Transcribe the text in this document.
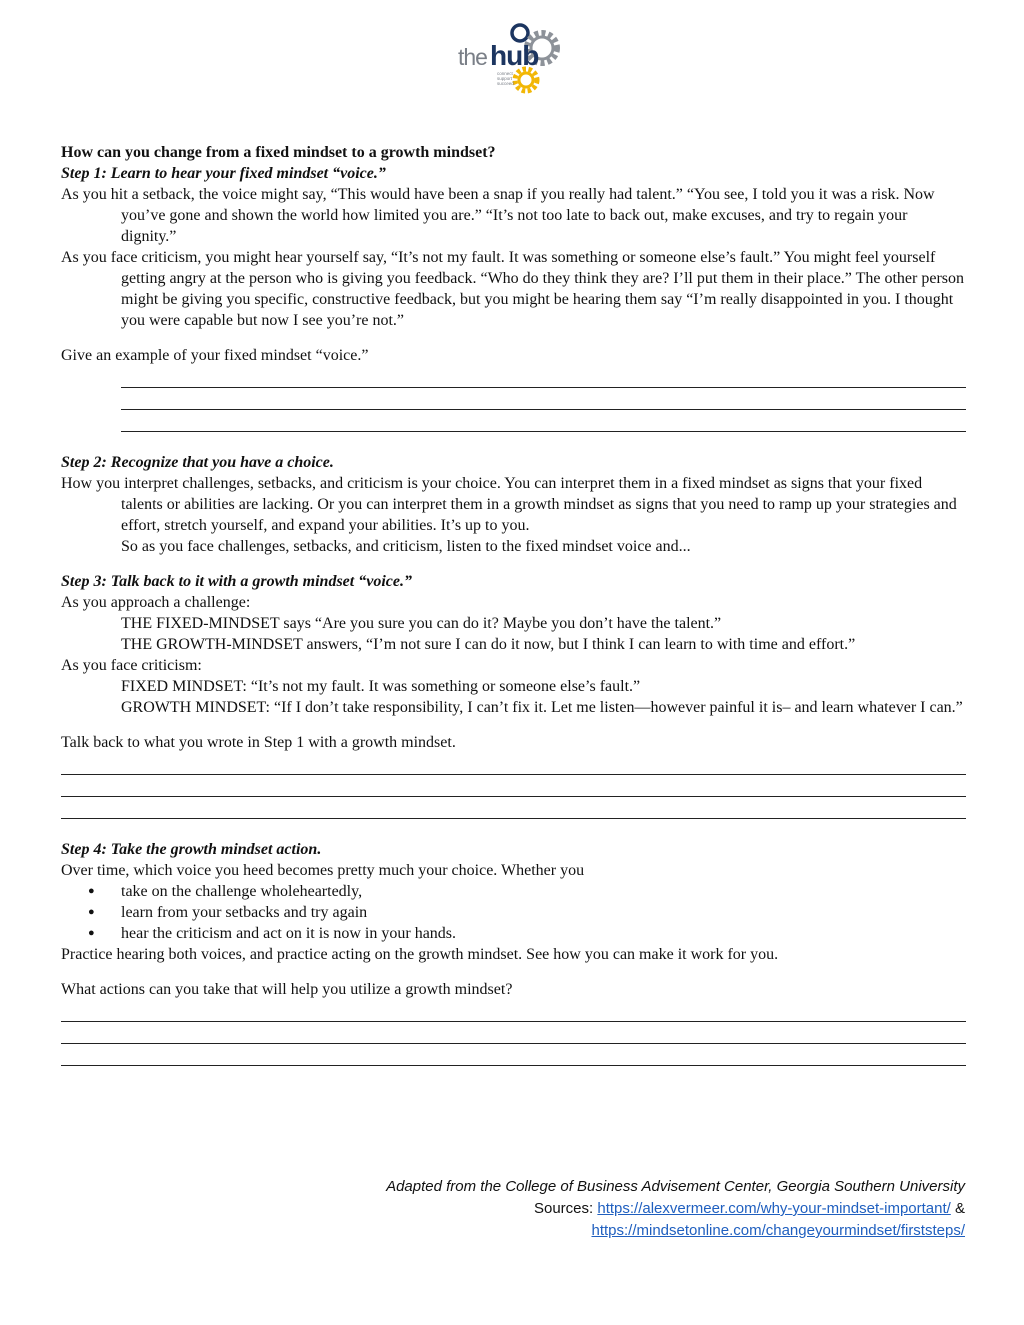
the hub
connect
support
succeed
How can you change from a fixed mindset to a growth mindset?
Step 1: Learn to hear your fixed mindset “voice.”

As you hit a setback, the voice might say, “This would have been a snap if you really had talent.” “You see, I told you it was a risk. Now you’ve gone and shown the world how limited you are.” “It’s not too late to back out, make excuses, and try to regain your dignity.”

As you face criticism, you might hear yourself say, “It’s not my fault. It was something or someone else’s fault.” You might feel yourself getting angry at the person who is giving you feedback. “Who do they think they are? I’ll put them in their place.” The other person might be giving you specific, constructive feedback, but you might be hearing them say “I’m really disappointed in you. I thought you were capable but now I see you’re not.”

Give an example of your fixed mindset “voice.”

Step 2: Recognize that you have a choice.

How you interpret challenges, setbacks, and criticism is your choice. You can interpret them in a fixed mindset as signs that your fixed talents or abilities are lacking. Or you can interpret them in a growth mindset as signs that you need to ramp up your strategies and effort, stretch yourself, and expand your abilities. It’s up to you.

So as you face challenges, setbacks, and criticism, listen to the fixed mindset voice and...

Step 3: Talk back to it with a growth mindset “voice.”

As you approach a challenge:

THE FIXED-MINDSET says “Are you sure you can do it? Maybe you don’t have the talent.”

THE GROWTH-MINDSET answers, “I’m not sure I can do it now, but I think I can learn to with time and effort.”

As you face criticism:

FIXED MINDSET: “It’s not my fault. It was something or someone else’s fault.”

GROWTH MINDSET: “If I don’t take responsibility, I can’t fix it. Let me listen—however painful it is– and learn whatever I can.”

Talk back to what you wrote in Step 1 with a growth mindset.

Step 4: Take the growth mindset action.

Over time, which voice you heed becomes pretty much your choice. Whether you

● take on the challenge wholeheartedly,
● learn from your setbacks and try again
● hear the criticism and act on it is now in your hands.

Practice hearing both voices, and practice acting on the growth mindset. See how you can make it work for you.

What actions can you take that will help you utilize a growth mindset?

Adapted from the College of Business Advisement Center, Georgia Southern University
Sources: https://alexvermeer.com/why-your-mindset-important/ &
https://mindsetonline.com/changeyourmindset/firststeps/
